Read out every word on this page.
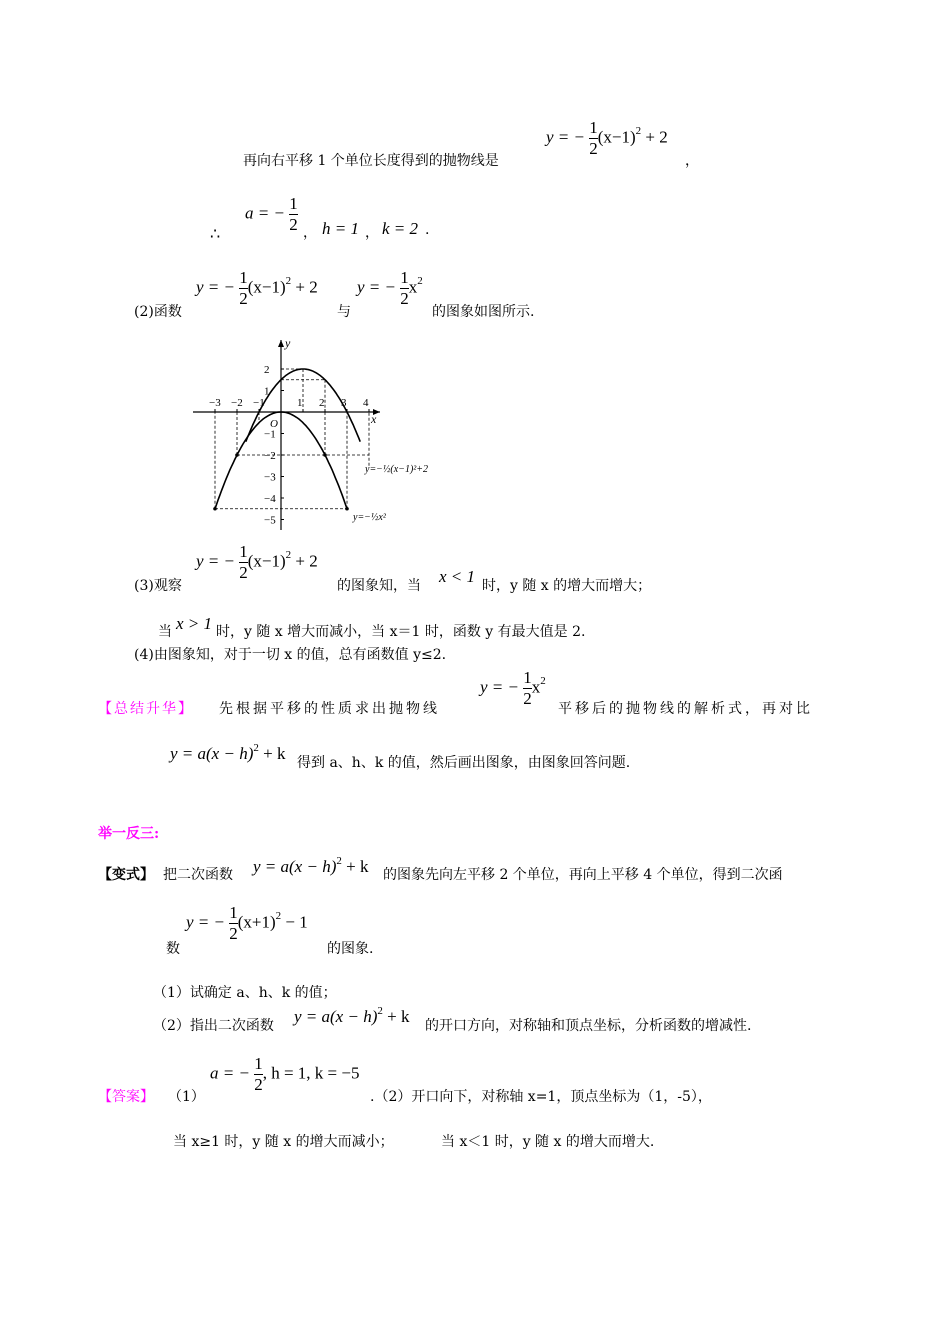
再向右平移 1 个单位长度得到的抛物线是
y = − $\frac{1}{2} (x-1)^2 + 2$
，
∴
a = − $\frac{1}{2}$ ， h = 1 ， k = 2 .
(2)函数
y = − $\frac{1}{2} (x-1)^2 + 2$
与
y = − $\frac{1}{2} x^2$
的图象如图所示.
−3 −2 −1	1 2 3 4
2
1
−1
−2
−3
−4
−5
x
y
O
y=−½(x−1)²+2
y=−½x²
(3)观察
y = − $\frac{1}{2} (x-1)^2 + 2$
的图象知，当 x < 1 时，y 随 x 的增大而增大；
当 x > 1 时，y 随 x 增大而减小，当 x＝1 时，函数 y 有最大值是 2.
(4)由图象知，对于一切 x 的值，总有函数值 y≤2.
【总结升华】 先根据平移的性质求出抛物线
y = − $\frac{1}{2} x^2$
平移后的抛物线的解析式，再对比
$y = a(x - h)^2 + k$ 得到 a、h、k 的值，然后画出图象，由图象回答问题.
举一反三:
【变式】 把二次函数 $y = a(x - h)^2 + k$ 的图象先向左平移 2 个单位，再向上平移 4 个单位，得到二次函
数
y = − $\frac{1}{2} (x+1)^2 - 1$
的图象.
（1）试确定 a、h、k 的值；
（2）指出二次函数 $y = a(x - h)^2 + k$ 的开口方向，对称轴和顶点坐标，分析函数的增减性.
【答案】 （1）
a = − $\frac{1}{2}$ , h = 1, k = −5
.（2）开口向下，对称轴 x=1，顶点坐标为（1，-5），
当 x≥1 时，y 随 x 的增大而减小；	当 x＜1 时，y 随 x 的增大而增大.
